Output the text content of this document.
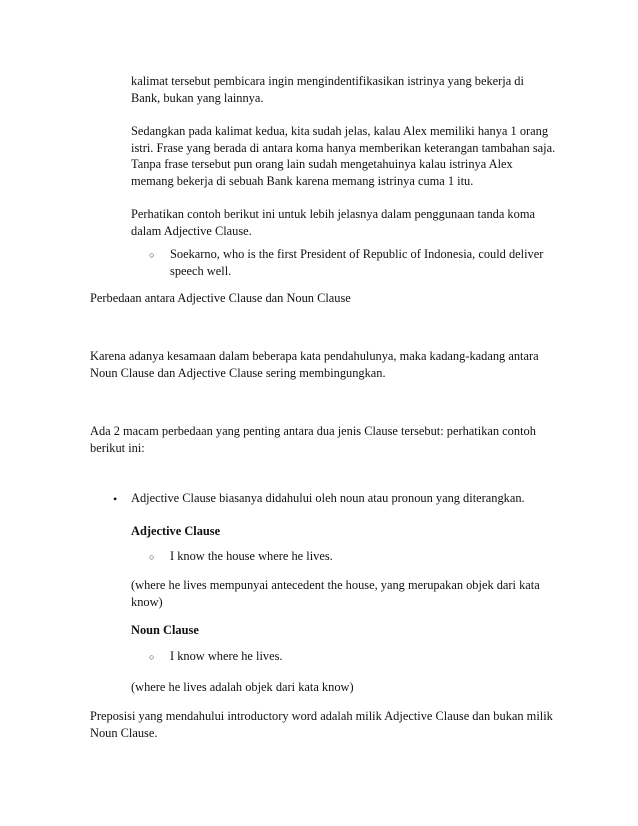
kalimat tersebut pembicara ingin mengindentifikasikan istrinya yang bekerja di Bank, bukan yang lainnya.

Sedangkan pada kalimat kedua, kita sudah jelas, kalau Alex memiliki hanya 1 orang istri. Frase yang berada di antara koma hanya memberikan keterangan tambahan saja. Tanpa frase tersebut pun orang lain sudah mengetahuinya kalau istrinya Alex memang bekerja di sebuah Bank karena memang istrinya cuma 1 itu.

Perhatikan contoh berikut ini untuk lebih jelasnya dalam penggunaan tanda koma dalam Adjective Clause.

○ Soekarno, who is the first President of Republic of Indonesia, could deliver speech well.

Perbedaan antara Adjective Clause dan Noun Clause

Karena adanya kesamaan dalam beberapa kata pendahulunya, maka kadang-kadang antara Noun Clause dan Adjective Clause sering membingungkan.

Ada 2 macam perbedaan yang penting antara dua jenis Clause tersebut: perhatikan contoh berikut ini:

• Adjective Clause biasanya didahului oleh noun atau pronoun yang diterangkan.

Adjective Clause

○ I know the house where he lives.

(where he lives mempunyai antecedent the house, yang merupakan objek dari kata know)

Noun Clause

○ I know where he lives.

(where he lives adalah objek dari kata know)

Preposisi yang mendahului introductory word adalah milik Adjective Clause dan bukan milik Noun Clause.
